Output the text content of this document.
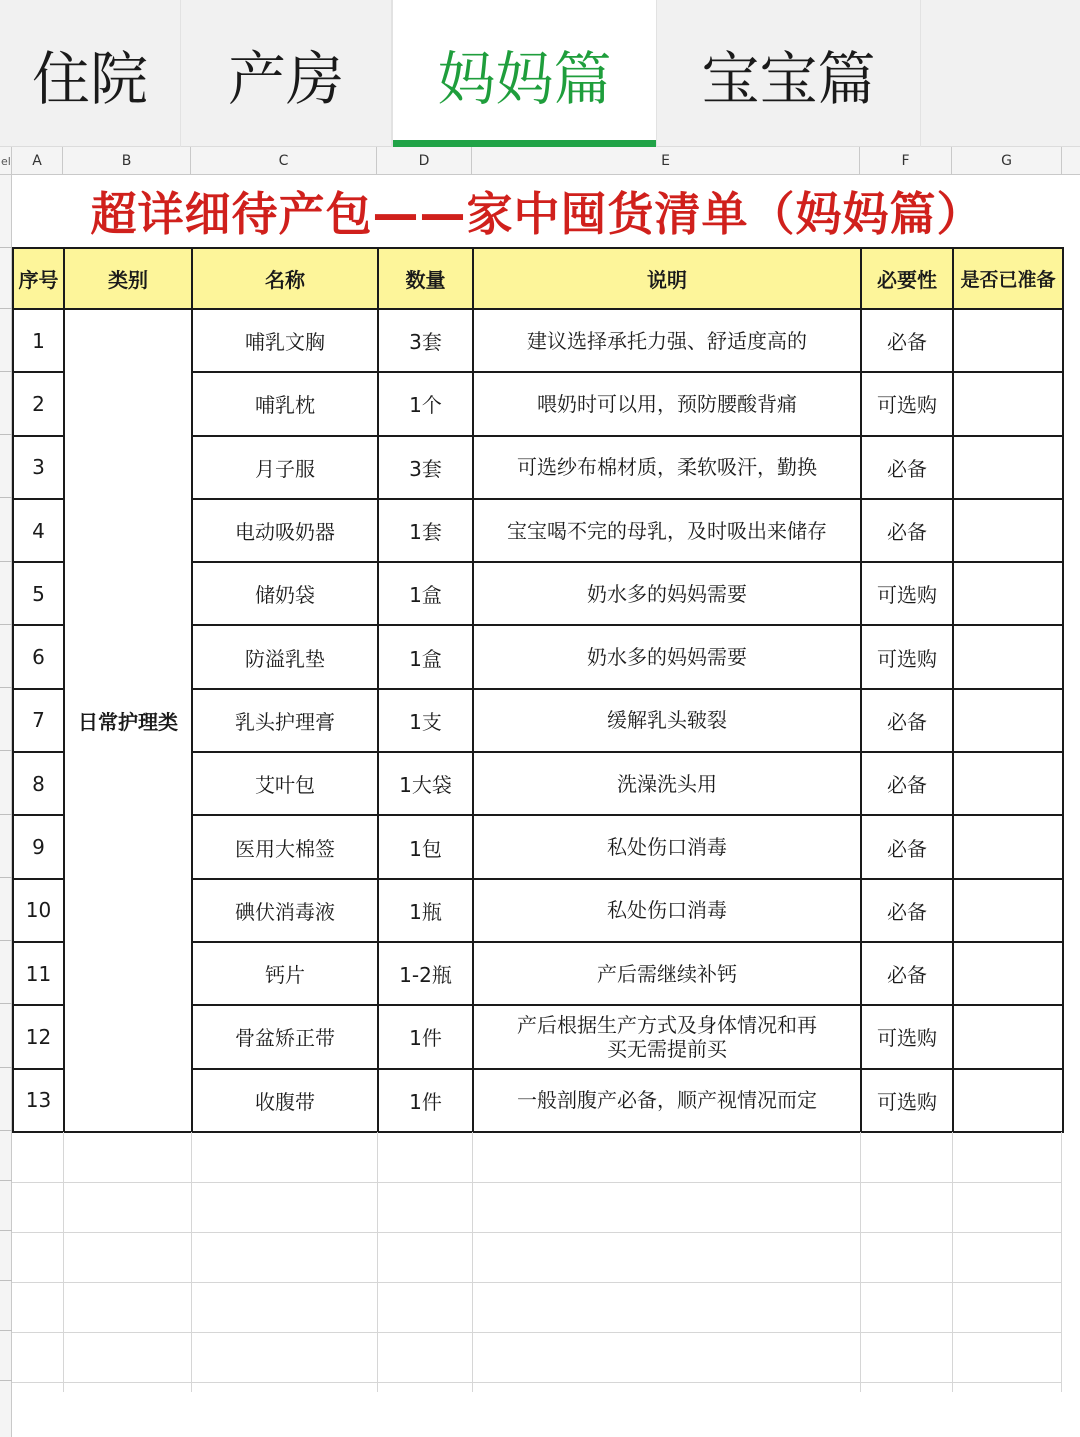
住院 产房 妈妈篇 宝宝篇
el	A	B	C	D	E	F	G
超详细待产包——家中囤货清单（妈妈篇）
序号	类别	名称	数量	说明	必要性	是否已准备
1	日常护理类	哺乳文胸	3套	建议选择承托力强、舒适度高的	必备	
2		哺乳枕	1个	喂奶时可以用，预防腰酸背痛	可选购	
3		月子服	3套	可选纱布棉材质，柔软吸汗，勤换	必备	
4		电动吸奶器	1套	宝宝喝不完的母乳，及时吸出来储存	必备	
5		储奶袋	1盒	奶水多的妈妈需要	可选购	
6		防溢乳垫	1盒	奶水多的妈妈需要	可选购	
7		乳头护理膏	1支	缓解乳头皲裂	必备	
8		艾叶包	1大袋	洗澡洗头用	必备	
9		医用大棉签	1包	私处伤口消毒	必备	
10		碘伏消毒液	1瓶	私处伤口消毒	必备	
11		钙片	1-2瓶	产后需继续补钙	必备	
12		骨盆矫正带	1件	产后根据生产方式及身体情况和再买无需提前买	可选购	
13		收腹带	1件	一般剖腹产必备，顺产视情况而定	可选购	
